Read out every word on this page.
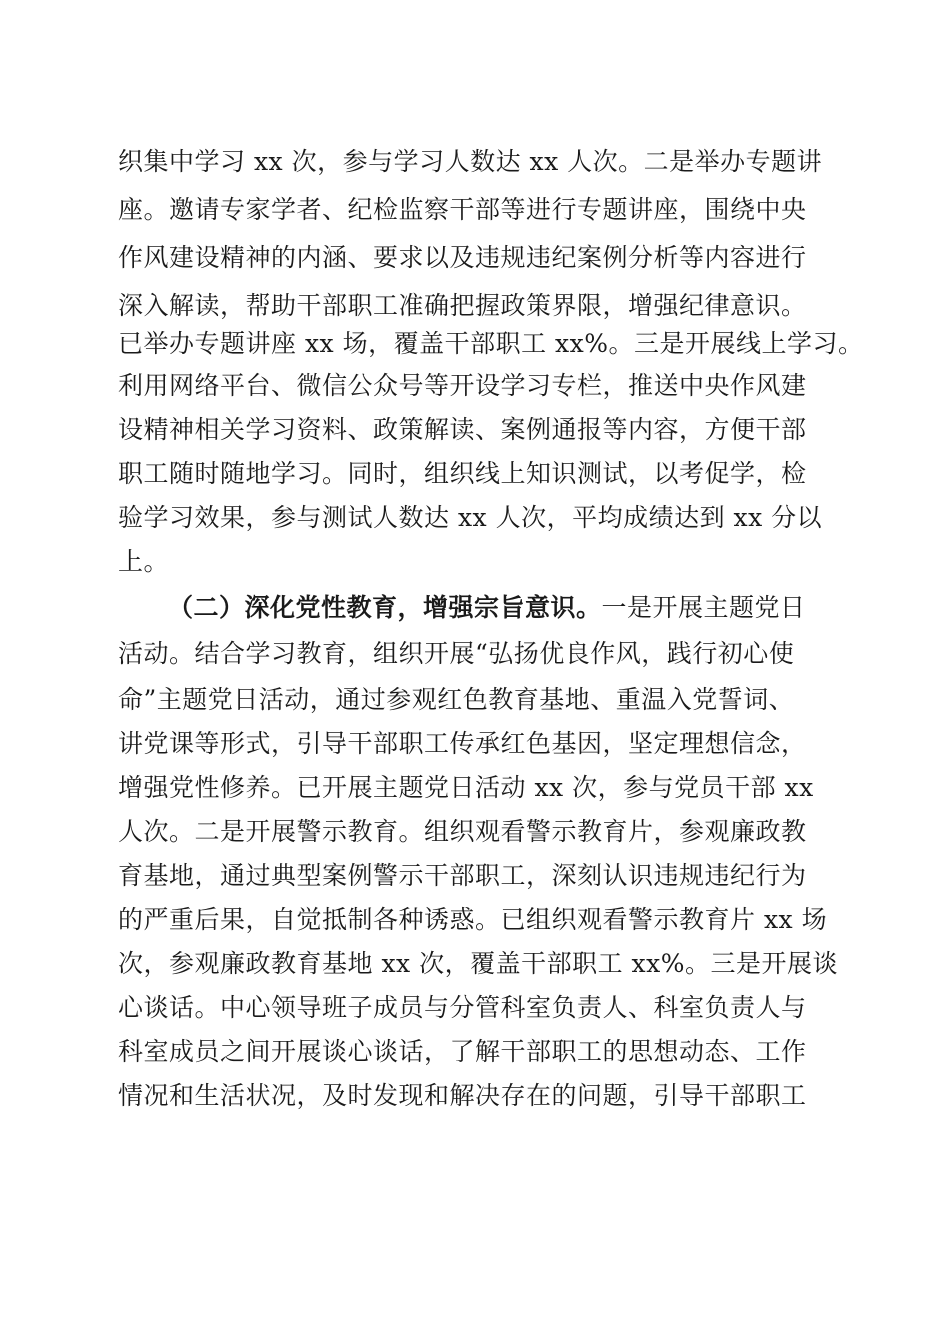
织集中学习 xx 次，参与学习人数达 xx 人次。二是举办专题讲
座。邀请专家学者、纪检监察干部等进行专题讲座，围绕中央
作风建设精神的内涵、要求以及违规违纪案例分析等内容进行
深入解读，帮助干部职工准确把握政策界限，增强纪律意识。
已举办专题讲座 xx 场，覆盖干部职工 xx%。三是开展线上学习。
利用网络平台、微信公众号等开设学习专栏，推送中央作风建
设精神相关学习资料、政策解读、案例通报等内容，方便干部
职工随时随地学习。同时，组织线上知识测试，以考促学，检
验学习效果，参与测试人数达 xx 人次，平均成绩达到 xx 分以
上。
（二）深化党性教育，增强宗旨意识。一是开展主题党日
活动。结合学习教育，组织开展“弘扬优良作风，践行初心使
命”主题党日活动，通过参观红色教育基地、重温入党誓词、
讲党课等形式，引导干部职工传承红色基因，坚定理想信念，
增强党性修养。已开展主题党日活动 xx 次，参与党员干部 xx
人次。二是开展警示教育。组织观看警示教育片，参观廉政教
育基地，通过典型案例警示干部职工，深刻认识违规违纪行为
的严重后果，自觉抵制各种诱惑。已组织观看警示教育片 xx 场
次，参观廉政教育基地 xx 次，覆盖干部职工 xx%。三是开展谈
心谈话。中心领导班子成员与分管科室负责人、科室负责人与
科室成员之间开展谈心谈话，了解干部职工的思想动态、工作
情况和生活状况，及时发现和解决存在的问题，引导干部职工
